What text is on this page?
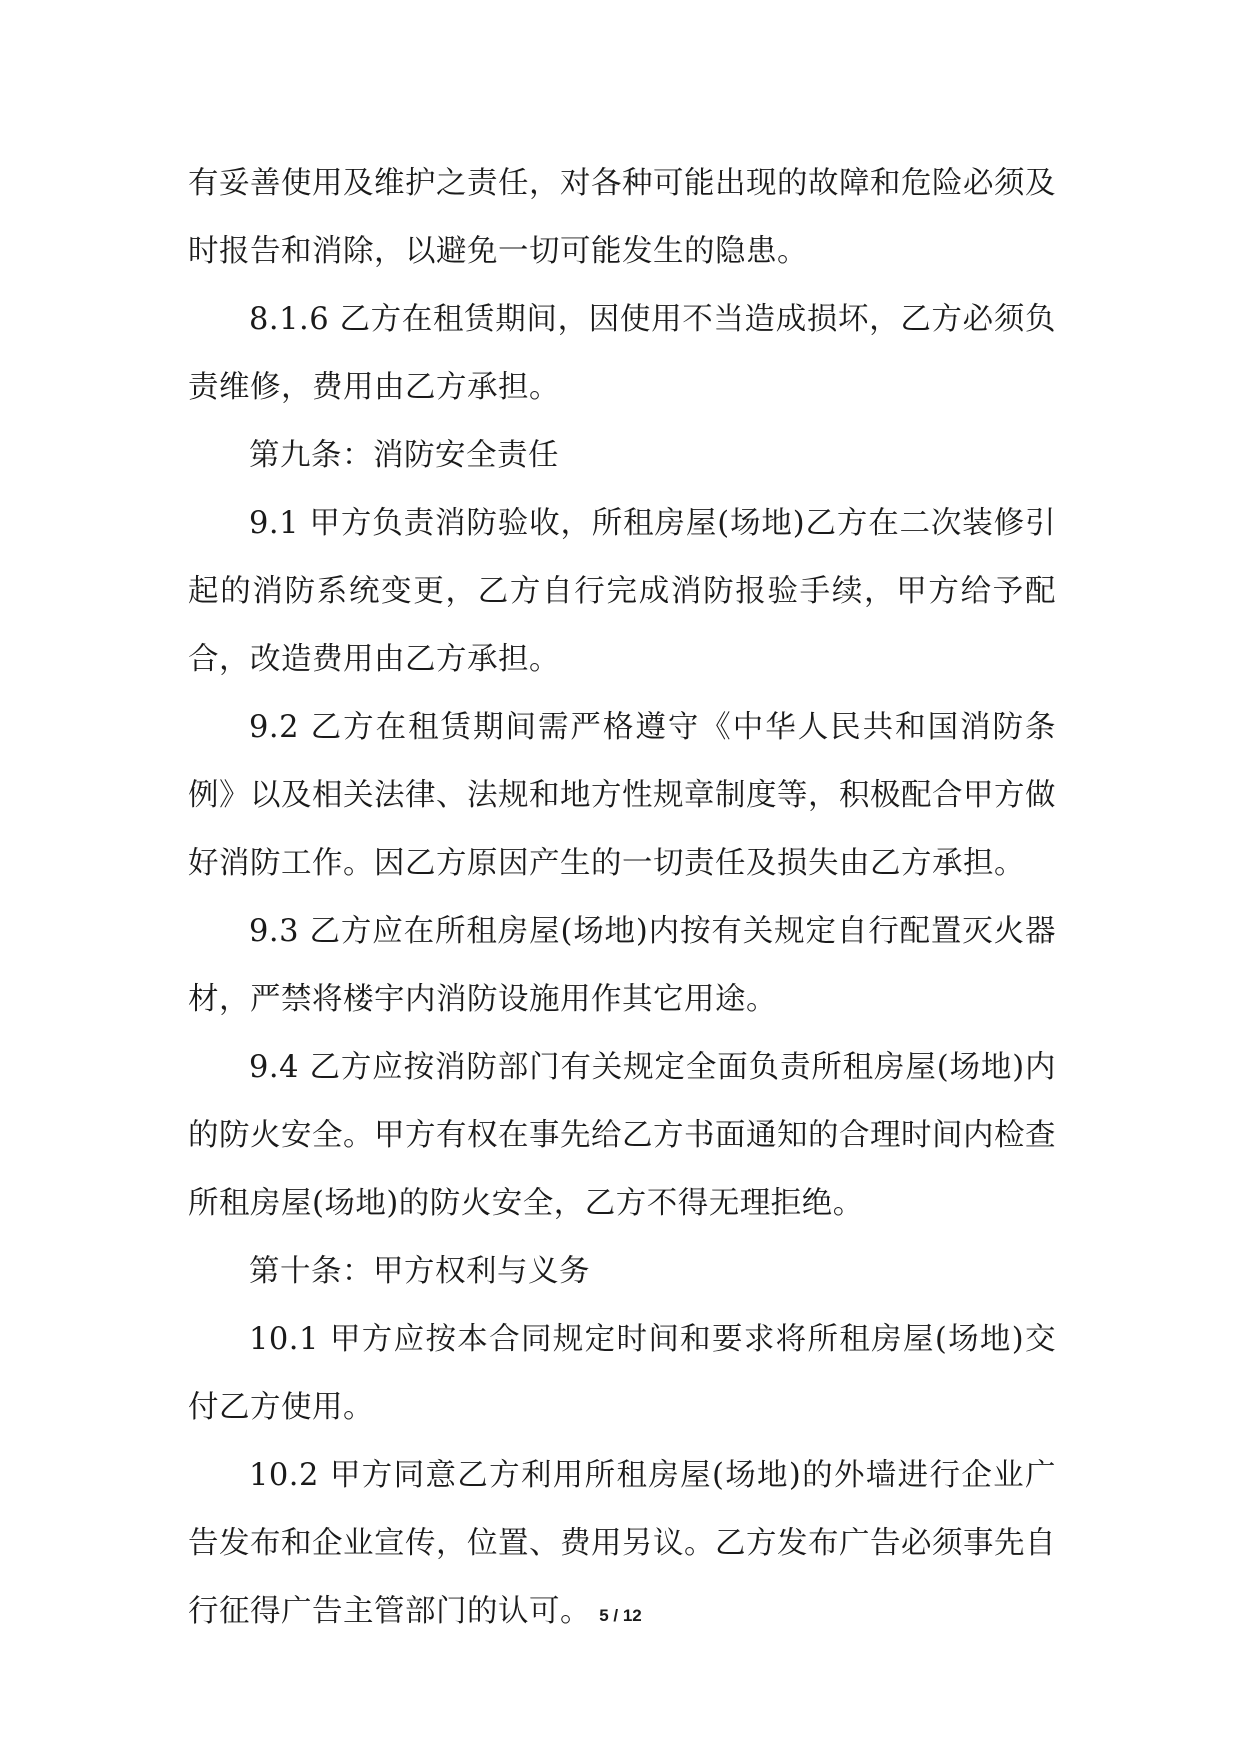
有妥善使用及维护之责任，对各种可能出现的故障和危险必须及时报告和消除，以避免一切可能发生的隐患。

8.1.6 乙方在租赁期间，因使用不当造成损坏，乙方必须负责维修，费用由乙方承担。

第九条：消防安全责任

9.1 甲方负责消防验收，所租房屋(场地)乙方在二次装修引起的消防系统变更，乙方自行完成消防报验手续，甲方给予配合，改造费用由乙方承担。

9.2 乙方在租赁期间需严格遵守《中华人民共和国消防条例》以及相关法律、法规和地方性规章制度等，积极配合甲方做好消防工作。因乙方原因产生的一切责任及损失由乙方承担。

9.3 乙方应在所租房屋(场地)内按有关规定自行配置灭火器材，严禁将楼宇内消防设施用作其它用途。

9.4 乙方应按消防部门有关规定全面负责所租房屋(场地)内的防火安全。甲方有权在事先给乙方书面通知的合理时间内检查所租房屋(场地)的防火安全，乙方不得无理拒绝。

第十条：甲方权利与义务

10.1 甲方应按本合同规定时间和要求将所租房屋(场地)交付乙方使用。

10.2 甲方同意乙方利用所租房屋(场地)的外墙进行企业广告发布和企业宣传，位置、费用另议。乙方发布广告必须事先自行征得广告主管部门的认可。 5 / 12
